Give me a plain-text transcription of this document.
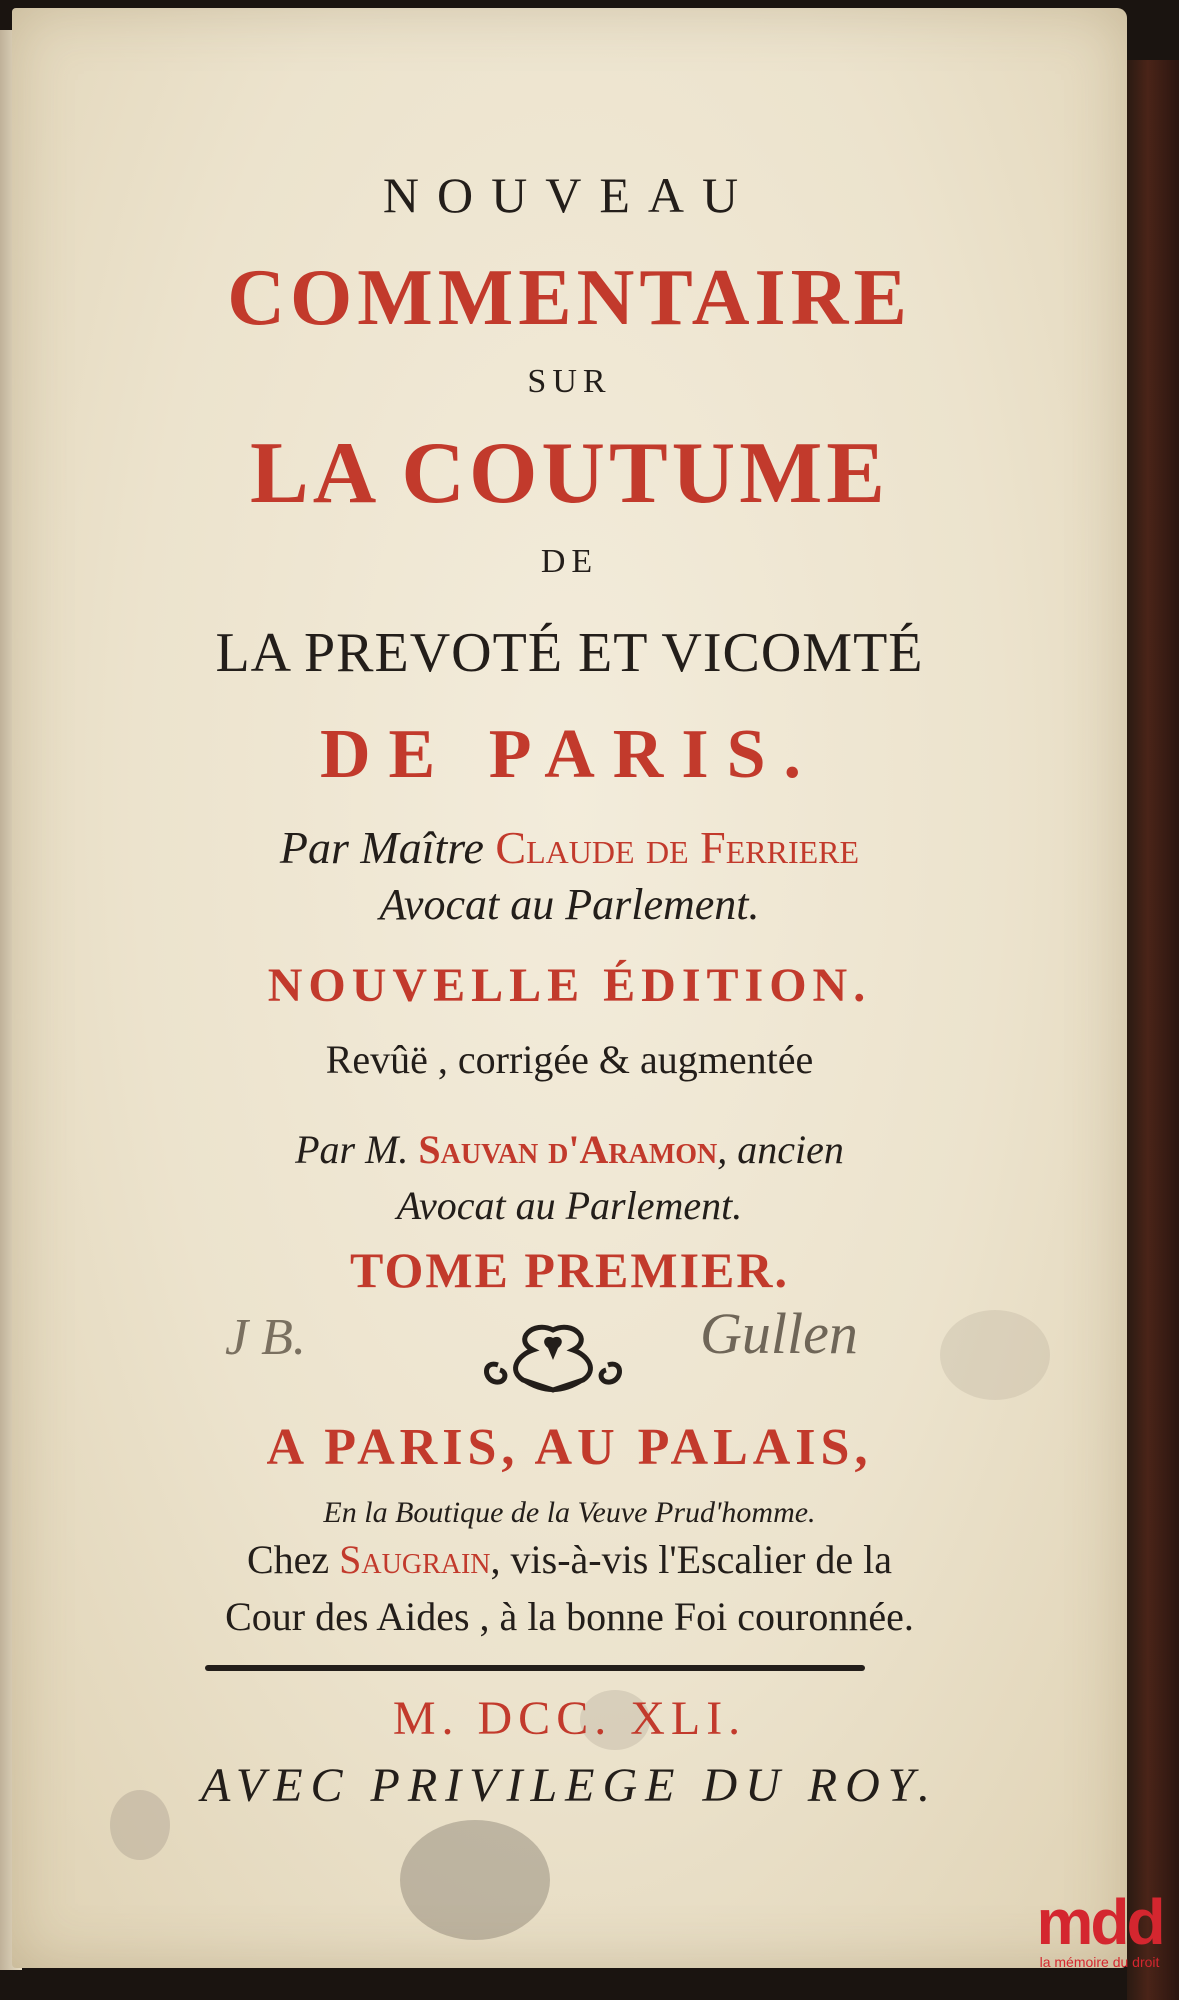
NOUVEAU
COMMENTAIRE
SUR
LA COUTUME
DE
LA PREVOTÉ ET VICOMTÉ
DE PARIS.
Par Maître Claude de Ferriere
Avocat au Parlement.
NOUVELLE ÉDITION.
Revûë , corrigée & augmentée
Par M. Sauvan d'Aramon, ancien
Avocat au Parlement.
TOME PREMIER.
J B.	Gullen
A PARIS, AU PALAIS,
En la Boutique de la Veuve Prud'homme.
Chez Saugrain, vis-à-vis l'Escalier de la
Cour des Aides , à la bonne Foi couronnée.
M. DCC. XLI.
AVEC PRIVILEGE DU ROY.
mdd
la mémoire du droit
